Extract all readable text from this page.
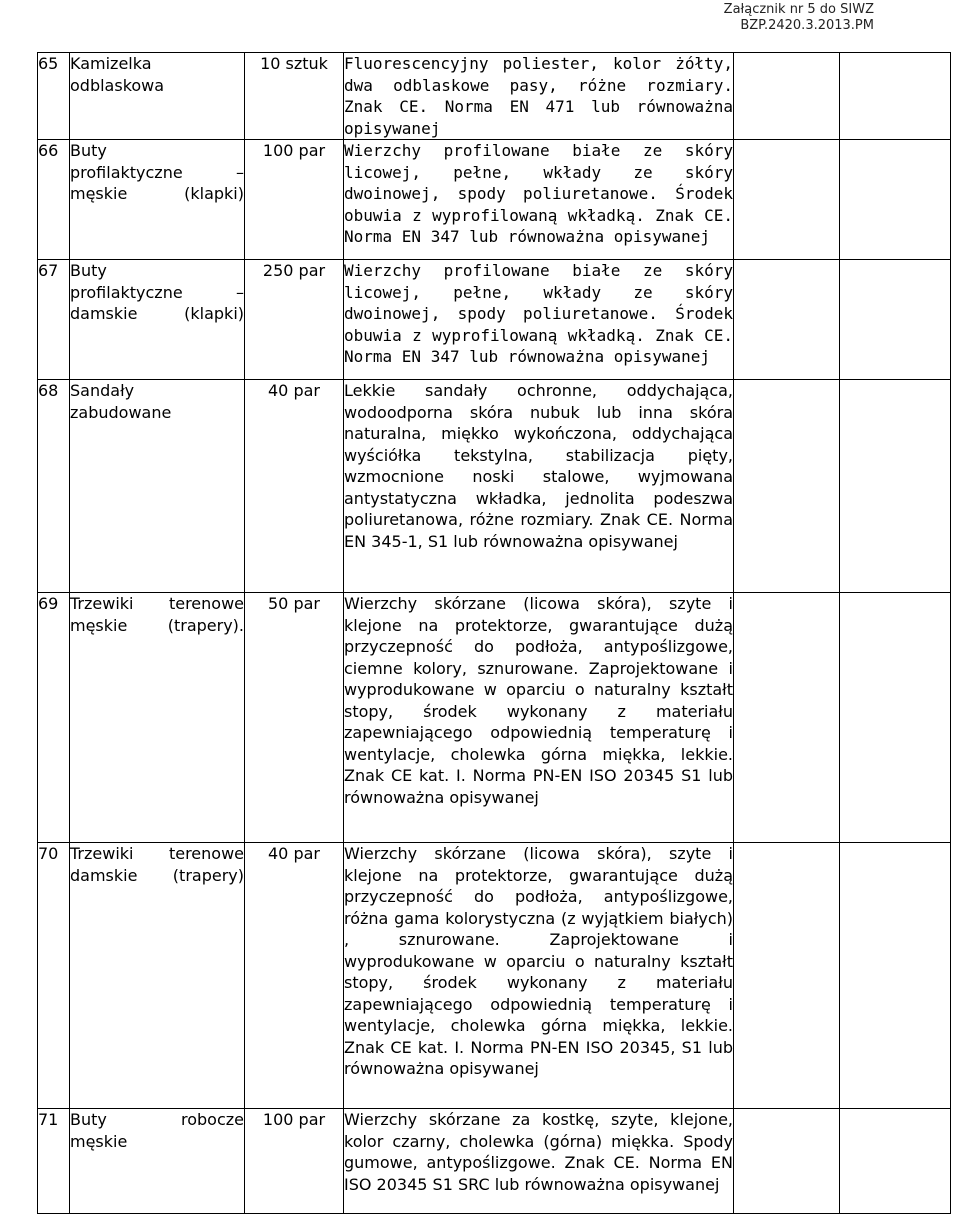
Załącznik nr 5 do SIWZ
BZP.2420.3.2013.PM
65	Kamizelka
odblaskowa	10 sztuk	Fluorescencyjny poliester, kolor żółty, dwa odblaskowe pasy, różne rozmiary. Znak CE. Norma EN 471 lub równoważna opisywanej		
66	Buty
profilaktyczne –
męskie (klapki)	100 par	Wierzchy profilowane białe ze skóry licowej, pełne, wkłady ze skóry dwoinowej, spody poliuretanowe. Środek obuwia z wyprofilowaną wkładką. Znak CE. Norma EN 347 lub równoważna opisywanej		
67	Buty
profilaktyczne –
damskie (klapki)	250 par	Wierzchy profilowane białe ze skóry licowej, pełne, wkłady ze skóry dwoinowej, spody poliuretanowe. Środek obuwia z wyprofilowaną wkładką. Znak CE. Norma EN 347 lub równoważna opisywanej		
68	Sandały
zabudowane	40 par	Lekkie sandały ochronne, oddychająca, wodoodporna skóra nubuk lub inna skóra naturalna, miękko wykończona, oddychająca wyściółka tekstylna, stabilizacja pięty, wzmocnione noski stalowe, wyjmowana antystatyczna wkładka, jednolita podeszwa poliuretanowa, różne rozmiary. Znak CE. Norma EN 345-1, S1 lub równoważna opisywanej		
69	Trzewiki terenowe
męskie (trapery).	50 par	Wierzchy skórzane (licowa skóra), szyte i klejone na protektorze, gwarantujące dużą przyczepność do podłoża, antypoślizgowe, ciemne kolory, sznurowane. Zaprojektowane i wyprodukowane w oparciu o naturalny kształt stopy, środek wykonany z materiału zapewniającego odpowiednią temperaturę i wentylacje, cholewka górna miękka, lekkie. Znak CE kat. I. Norma PN-EN ISO 20345 S1 lub równoważna opisywanej		
70	Trzewiki terenowe
damskie (trapery)	40 par	Wierzchy skórzane (licowa skóra), szyte i klejone na protektorze, gwarantujące dużą przyczepność do podłoża, antypoślizgowe, różna gama kolorystyczna (z wyjątkiem białych) , sznurowane. Zaprojektowane i wyprodukowane w oparciu o naturalny kształt stopy, środek wykonany z materiału zapewniającego odpowiednią temperaturę i wentylacje, cholewka górna miękka, lekkie. Znak CE kat. I. Norma PN-EN ISO 20345, S1 lub równoważna opisywanej		
71	Buty robocze
męskie	100 par	Wierzchy skórzane za kostkę, szyte, klejone, kolor czarny, cholewka (górna) miękka. Spody gumowe, antypoślizgowe. Znak CE. Norma EN ISO 20345 S1 SRC lub równoważna opisywanej		
